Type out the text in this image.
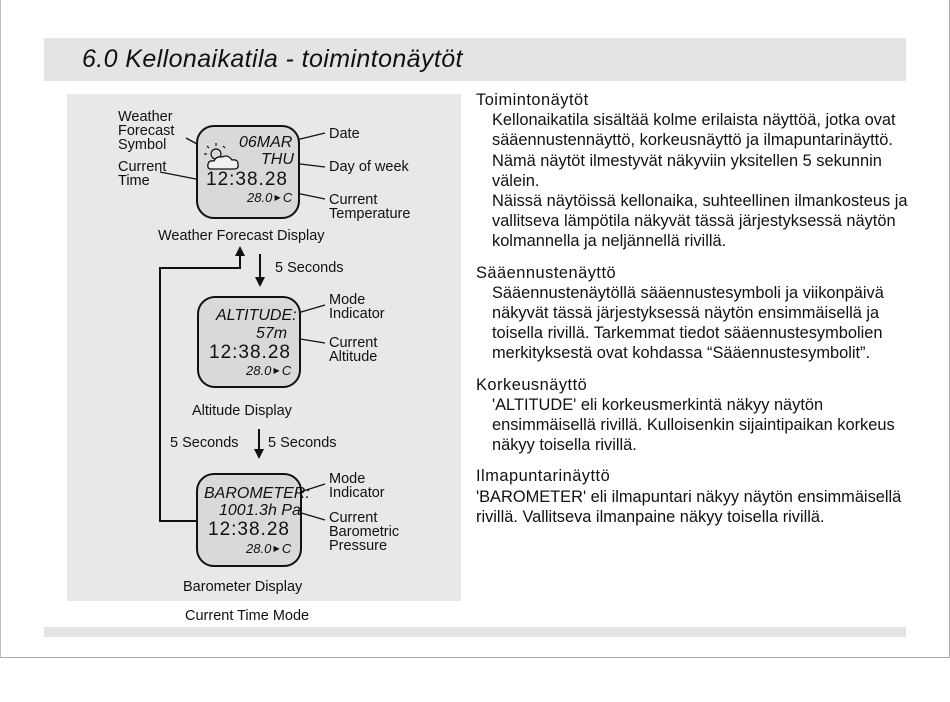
6.0 Kellonaikatila - toimintonäytöt
Weather
Forecast
Symbol
Current
Time
Date
Day of week
Current
Temperature
06MAR
THU
12:38.28
28.0 ▶ C
Weather Forecast Display
5 Seconds
Mode
Indicator
Current
Altitude
ALTITUDE:
57m
12:38.28
28.0 ▶ C
Altitude Display
5 Seconds 5 Seconds
Mode
Indicator
Current
Barometric
Pressure
BAROMETER:
1001.3h Pa
12:38.28
28.0 ▶ C
Barometer Display
Current Time Mode
Toimintonäytöt

Kellonaikatila sisältää kolme erilaista näyttöä, jotka ovat sääennustennäyttö, korkeusnäyttö ja ilmapuntarinäyttö.

Nämä näytöt ilmestyvät näkyviin yksitellen 5 sekunnin välein.

Näissä näytöissä kellonaika, suhteellinen ilmankosteus ja vallitseva lämpötila näkyvät tässä järjestyksessä näytön kolmannella ja neljännellä rivillä.

Sääennustenäyttö

Sääennustenäytöllä sääennustesymboli ja viikonpäivä näkyvät tässä järjestyksessä näytön ensimmäisellä ja toisella rivillä. Tarkemmat tiedot sääennustesymbolien merkityksestä ovat kohdassa “Sääennustesymbolit”.

Korkeusnäyttö

'ALTITUDE' eli korkeusmerkintä näkyy näytön ensimmäisellä rivillä. Kulloisenkin sijaintipaikan korkeus näkyy toisella rivillä.

Ilmapuntarinäyttö

'BAROMETER' eli ilmapuntari näkyy näytön ensimmäisellä rivillä. Vallitseva ilmanpaine näkyy toisella rivillä.
